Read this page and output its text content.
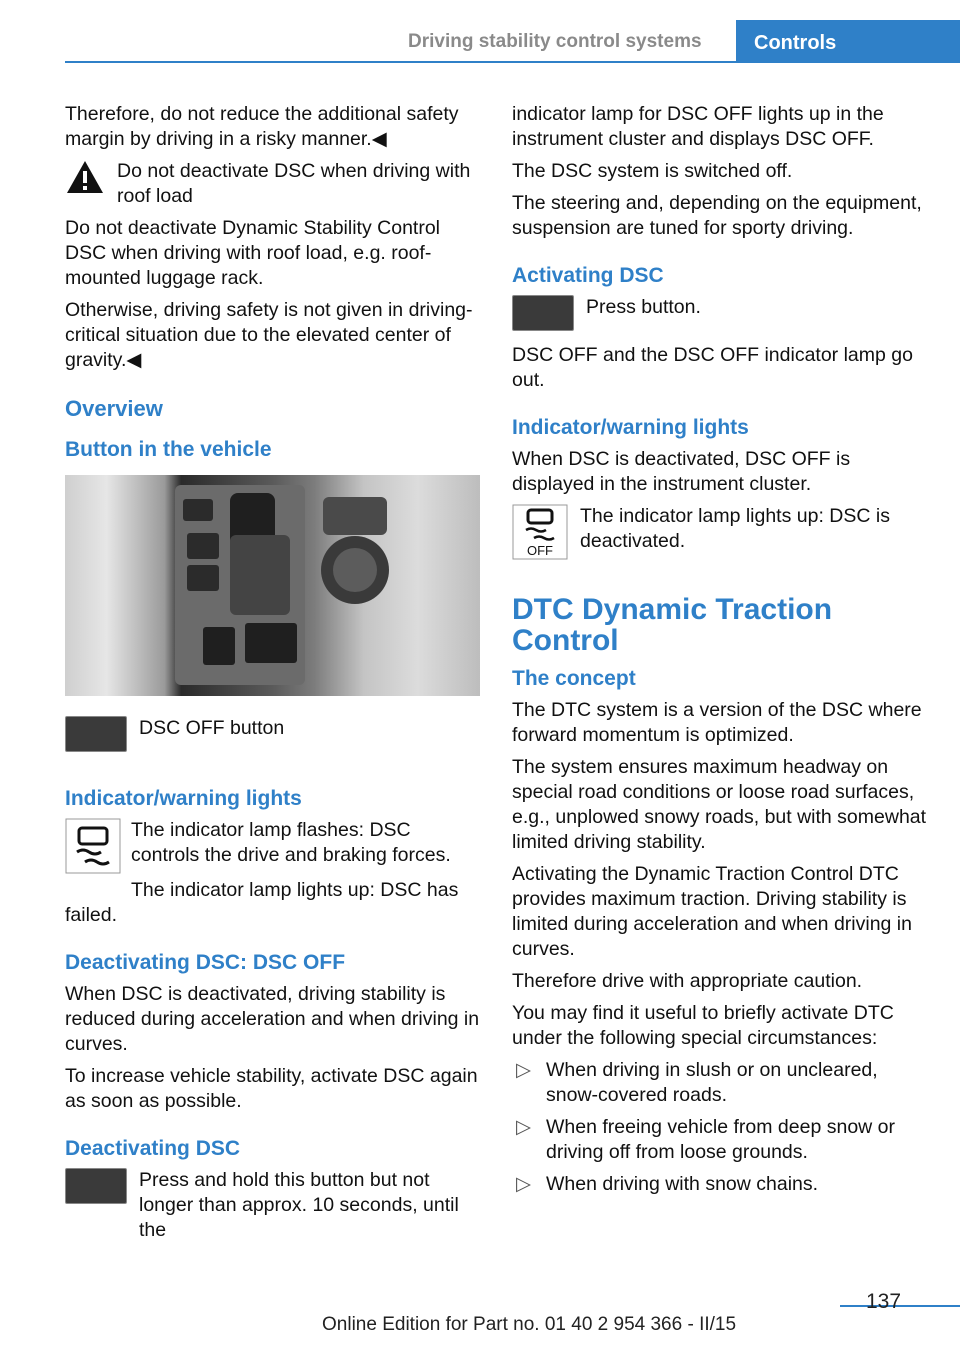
Driving stability control systems	Controls

Therefore, do not reduce the additional safety margin by driving in a risky manner.◀

Do not deactivate DSC when driving with roof load

Do not deactivate Dynamic Stability Control DSC when driving with roof load, e.g. roof-mounted luggage rack.

Otherwise, driving safety is not given in driving-critical situation due to the elevated center of gravity.◀

Overview
Button in the vehicle

DSC OFF button

Indicator/warning lights

The indicator lamp flashes: DSC controls the drive and braking forces.

The indicator lamp lights up: DSC has failed.

Deactivating DSC: DSC OFF

When DSC is deactivated, driving stability is reduced during acceleration and when driving in curves.

To increase vehicle stability, activate DSC again as soon as possible.

Deactivating DSC

Press and hold this button but not longer than approx. 10 seconds, until the

indicator lamp for DSC OFF lights up in the instrument cluster and displays DSC OFF.

The DSC system is switched off.

The steering and, depending on the equipment, suspension are tuned for sporty driving.

Activating DSC

Press button.

DSC OFF and the DSC OFF indicator lamp go out.

Indicator/warning lights

When DSC is deactivated, DSC OFF is displayed in the instrument cluster.

OFF

The indicator lamp lights up: DSC is deactivated.

DTC Dynamic Traction Control
The concept

The DTC system is a version of the DSC where forward momentum is optimized.

The system ensures maximum headway on special road conditions or loose road surfaces, e.g., unplowed snowy roads, but with somewhat limited driving stability.

Activating the Dynamic Traction Control DTC provides maximum traction. Driving stability is limited during acceleration and when driving in curves.

Therefore drive with appropriate caution.

You may find it useful to briefly activate DTC under the following special circumstances:

▷ When driving in slush or on uncleared, snow-covered roads.
▷ When freeing vehicle from deep snow or driving off from loose grounds.
▷ When driving with snow chains.
137
Online Edition for Part no. 01 40 2 954 366 - II/15
